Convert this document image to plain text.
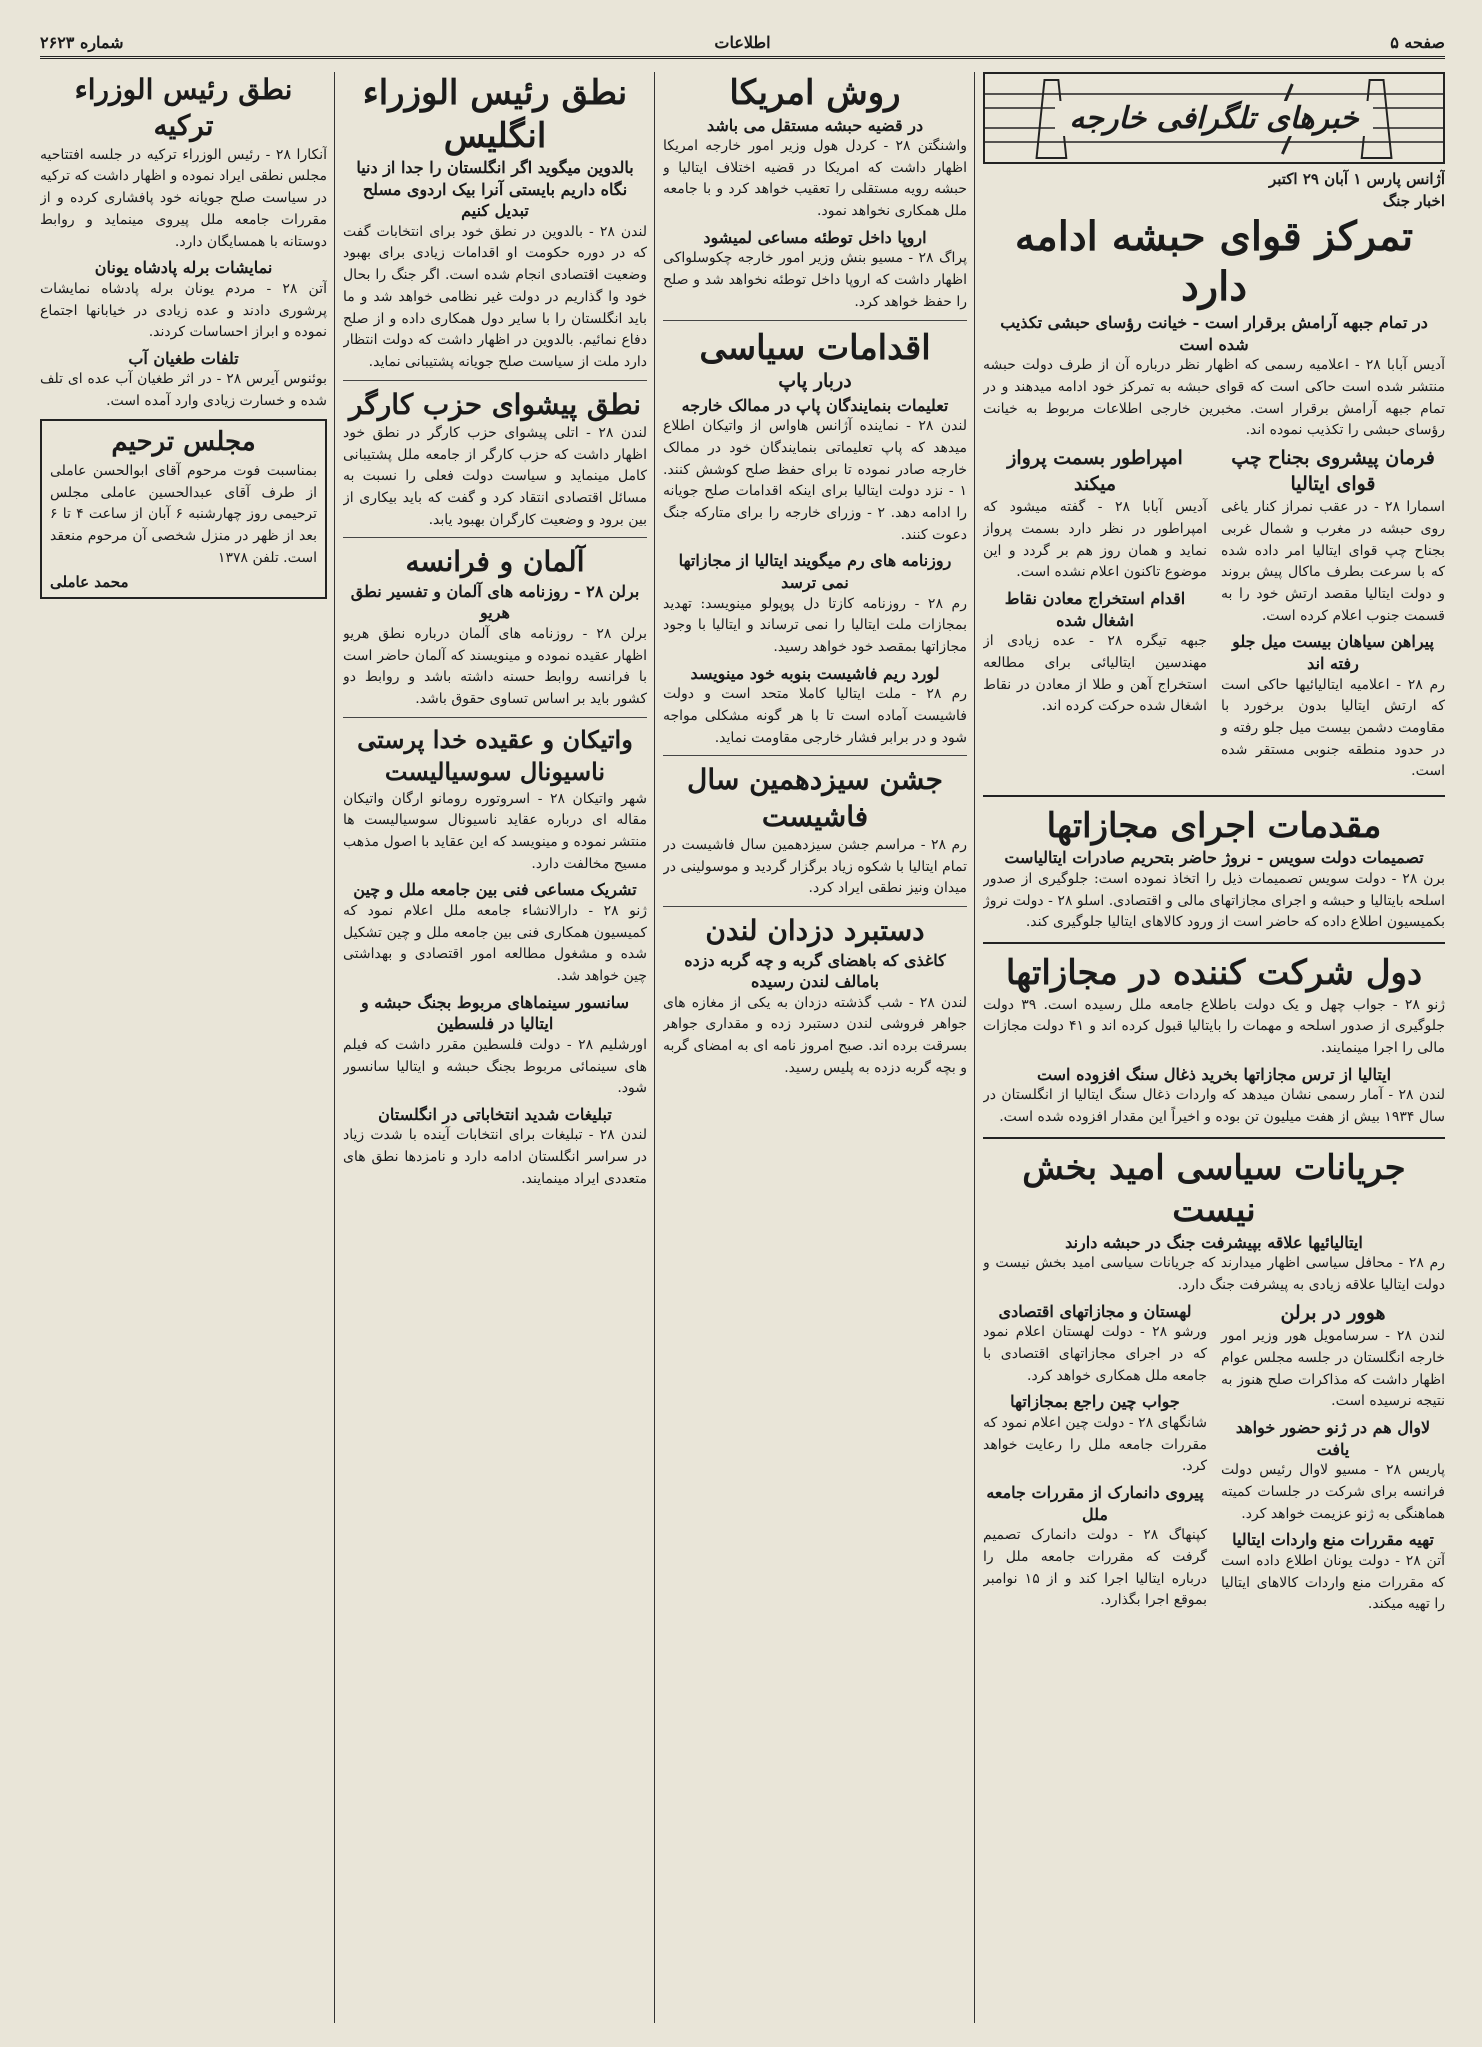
صفحه ۵
اطلاعات
شماره ۲۶۲۳
خبرهای تلگرافی خارجه
آژانس پارس ۱ آبان ۲۹ اکتبر
اخبار جنگ
تمرکز قوای حبشه ادامه دارد
در تمام جبهه آرامش برقرار است - خیانت رؤسای حبشی تکذیب شده است

آدیس آبابا ۲۸ - اعلامیه رسمی که اظهار نظر درباره آن از طرف دولت حبشه منتشر شده است حاکی است که قوای حبشه به تمرکز خود ادامه میدهند و در تمام جبهه آرامش برقرار است. مخبرین خارجی اطلاعات مربوط به خیانت رؤسای حبشی را تکذیب نموده اند.

فرمان پیشروی بجناح چپ قوای ایتالیا

اسمارا ۲۸ - در عقب نمراز کنار یاغی روی حبشه در مغرب و شمال غربی بجناح چپ قوای ایتالیا امر داده شده که با سرعت بطرف ماکال پیش بروند و دولت ایتالیا مقصد ارتش خود را به قسمت جنوب اعلام کرده است.

پیراهن سیاهان بیست میل جلو رفته اند

رم ۲۸ - اعلامیه ایتالیائیها حاکی است که ارتش ایتالیا بدون برخورد با مقاومت دشمن بیست میل جلو رفته و در حدود منطقه جنوبی مستقر شده است.

امپراطور بسمت پرواز میکند

آدیس آبابا ۲۸ - گفته میشود که امپراطور در نظر دارد بسمت پرواز نماید و همان روز هم بر گردد و این موضوع تاکنون اعلام نشده است.

اقدام استخراج معادن نقاط اشغال شده

جبهه تیگره ۲۸ - عده زیادی از مهندسین ایتالیائی برای مطالعه استخراج آهن و طلا از معادن در نقاط اشغال شده حرکت کرده اند.

مقدمات اجرای مجازاتها
تصمیمات دولت سویس - نروژ حاضر بتحریم صادرات ایتالیاست

برن ۲۸ - دولت سویس تصمیمات ذیل را اتخاذ نموده است: جلوگیری از صدور اسلحه بایتالیا و حبشه و اجرای مجازاتهای مالی و اقتصادی. اسلو ۲۸ - دولت نروژ بکمیسیون اطلاع داده که حاضر است از ورود کالاهای ایتالیا جلوگیری کند.

دول شرکت کننده در مجازاتها

ژنو ۲۸ - جواب چهل و یک دولت باطلاع جامعه ملل رسیده است. ۳۹ دولت جلوگیری از صدور اسلحه و مهمات را بایتالیا قبول کرده اند و ۴۱ دولت مجازات مالی را اجرا مینمایند.

ایتالیا از ترس مجازاتها بخرید ذغال سنگ افزوده است

لندن ۲۸ - آمار رسمی نشان میدهد که واردات ذغال سنگ ایتالیا از انگلستان در سال ۱۹۳۴ بیش از هفت میلیون تن بوده و اخیراً این مقدار افزوده شده است.

جریانات سیاسی امید بخش نیست
ایتالیائیها علاقه بپیشرفت جنگ در حبشه دارند

رم ۲۸ - محافل سیاسی اظهار میدارند که جریانات سیاسی امید بخش نیست و دولت ایتالیا علاقه زیادی به پیشرفت جنگ دارد.

هوور در برلن

لندن ۲۸ - سرسامویل هور وزیر امور خارجه انگلستان در جلسه مجلس عوام اظهار داشت که مذاکرات صلح هنوز به نتیجه نرسیده است.

لاوال هم در ژنو حضور خواهد یافت

پاریس ۲۸ - مسیو لاوال رئیس دولت فرانسه برای شرکت در جلسات کمیته هماهنگی به ژنو عزیمت خواهد کرد.

تهیه مقررات منع واردات ایتالیا

آتن ۲۸ - دولت یونان اطلاع داده است که مقررات منع واردات کالاهای ایتالیا را تهیه میکند.

لهستان و مجازاتهای اقتصادی

ورشو ۲۸ - دولت لهستان اعلام نمود که در اجرای مجازاتهای اقتصادی با جامعه ملل همکاری خواهد کرد.

جواب چین راجع بمجازاتها

شانگهای ۲۸ - دولت چین اعلام نمود که مقررات جامعه ملل را رعایت خواهد کرد.

پیروی دانمارک از مقررات جامعه ملل

کپنهاگ ۲۸ - دولت دانمارک تصمیم گرفت که مقررات جامعه ملل را درباره ایتالیا اجرا کند و از ۱۵ نوامبر بموقع اجرا بگذارد.

روش امریکا
در قضیه حبشه مستقل می باشد

واشنگتن ۲۸ - کردل هول وزیر امور خارجه امریکا اظهار داشت که امریکا در قضیه اختلاف ایتالیا و حبشه رویه مستقلی را تعقیب خواهد کرد و با جامعه ملل همکاری نخواهد نمود.

اروپا داخل توطئه مساعی لمیشود

پراگ ۲۸ - مسیو بنش وزیر امور خارجه چکوسلواکی اظهار داشت که اروپا داخل توطئه نخواهد شد و صلح را حفظ خواهد کرد.

اقدامات سیاسی
دربار پاپ
تعلیمات بنمایندگان پاپ در ممالک خارجه

لندن ۲۸ - نماینده آژانس هاواس از واتیکان اطلاع میدهد که پاپ تعلیماتی بنمایندگان خود در ممالک خارجه صادر نموده تا برای حفظ صلح کوشش کنند. ۱ - نزد دولت ایتالیا برای اینکه اقدامات صلح جویانه را ادامه دهد. ۲ - وزرای خارجه را برای متارکه جنگ دعوت کنند.

روزنامه های رم میگویند ایتالیا از مجازاتها نمی ترسد

رم ۲۸ - روزنامه کازتا دل پوپولو مینویسد: تهدید بمجازات ملت ایتالیا را نمی ترساند و ایتالیا با وجود مجازاتها بمقصد خود خواهد رسید.

لورد ریم فاشیست بنوبه خود مینویسد

رم ۲۸ - ملت ایتالیا کاملا متحد است و دولت فاشیست آماده است تا با هر گونه مشکلی مواجه شود و در برابر فشار خارجی مقاومت نماید.

جشن سیزدهمین سال فاشیست

رم ۲۸ - مراسم جشن سیزدهمین سال فاشیست در تمام ایتالیا با شکوه زیاد برگزار گردید و موسولینی در میدان ونیز نطقی ایراد کرد.

دستبرد دزدان لندن
کاغذی که باهضای گربه و چه گربه دزده بامالف لندن رسیده

لندن ۲۸ - شب گذشته دزدان به یکی از مغازه های جواهر فروشی لندن دستبرد زده و مقداری جواهر بسرقت برده اند. صبح امروز نامه ای به امضای گربه و بچه گربه دزده به پلیس رسید.

نطق رئیس الوزراء انگلیس
بالدوین میگوید اگر انگلستان را جدا از دنیا نگاه داریم بایستی آنرا بیک اردوی مسلح تبدیل کنیم

لندن ۲۸ - بالدوین در نطق خود برای انتخابات گفت که در دوره حکومت او اقدامات زیادی برای بهبود وضعیت اقتصادی انجام شده است. اگر جنگ را بحال خود وا گذاریم در دولت غیر نظامی خواهد شد و ما باید انگلستان را با سایر دول همکاری داده و از صلح دفاع نمائیم. بالدوین در اظهار داشت که دولت انتظار دارد ملت از سیاست صلح جویانه پشتیبانی نماید.

نطق پیشوای حزب کارگر

لندن ۲۸ - اتلی پیشوای حزب کارگر در نطق خود اظهار داشت که حزب کارگر از جامعه ملل پشتیبانی کامل مینماید و سیاست دولت فعلی را نسبت به مسائل اقتصادی انتقاد کرد و گفت که باید بیکاری از بین برود و وضعیت کارگران بهبود یابد.

آلمان و فرانسه
برلن ۲۸ - روزنامه های آلمان و تفسیر نطق هریو

برلن ۲۸ - روزنامه های آلمان درباره نطق هریو اظهار عقیده نموده و مینویسند که آلمان حاضر است با فرانسه روابط حسنه داشته باشد و روابط دو کشور باید بر اساس تساوی حقوق باشد.

واتیکان و عقیده خدا پرستی ناسیونال سوسیالیست

شهر واتیکان ۲۸ - اسروتوره رومانو ارگان واتیکان مقاله ای درباره عقاید ناسیونال سوسیالیست ها منتشر نموده و مینویسد که این عقاید با اصول مذهب مسیح مخالفت دارد.

تشریک مساعی فنی بین جامعه ملل و چین

ژنو ۲۸ - دارالانشاء جامعه ملل اعلام نمود که کمیسیون همکاری فنی بین جامعه ملل و چین تشکیل شده و مشغول مطالعه امور اقتصادی و بهداشتی چین خواهد شد.

سانسور سینماهای مربوط بجنگ حبشه و ایتالیا در فلسطین

اورشلیم ۲۸ - دولت فلسطین مقرر داشت که فیلم های سینمائی مربوط بجنگ حبشه و ایتالیا سانسور شود.

تبلیغات شدید انتخاباتی در انگلستان

لندن ۲۸ - تبلیغات برای انتخابات آینده با شدت زیاد در سراسر انگلستان ادامه دارد و نامزدها نطق های متعددی ایراد مینمایند.

نطق رئیس الوزراء ترکیه

آنکارا ۲۸ - رئیس الوزراء ترکیه در جلسه افتتاحیه مجلس نطقی ایراد نموده و اظهار داشت که ترکیه در سیاست صلح جویانه خود پافشاری کرده و از مقررات جامعه ملل پیروی مینماید و روابط دوستانه با همسایگان دارد.

نمایشات برله پادشاه یونان

آتن ۲۸ - مردم یونان برله پادشاه نمایشات پرشوری دادند و عده زیادی در خیابانها اجتماع نموده و ابراز احساسات کردند.

تلفات طغیان آب

بوئنوس آیرس ۲۸ - در اثر طغیان آب عده ای تلف شده و خسارت زیادی وارد آمده است.

مجلس ترحیم

بمناسبت فوت مرحوم آقای ابوالحسن عاملی از طرف آقای عبدالحسین عاملی مجلس ترحیمی روز چهارشنبه ۶ آبان از ساعت ۴ تا ۶ بعد از ظهر در منزل شخصی آن مرحوم منعقد است. تلفن ۱۳۷۸

محمد عاملی
